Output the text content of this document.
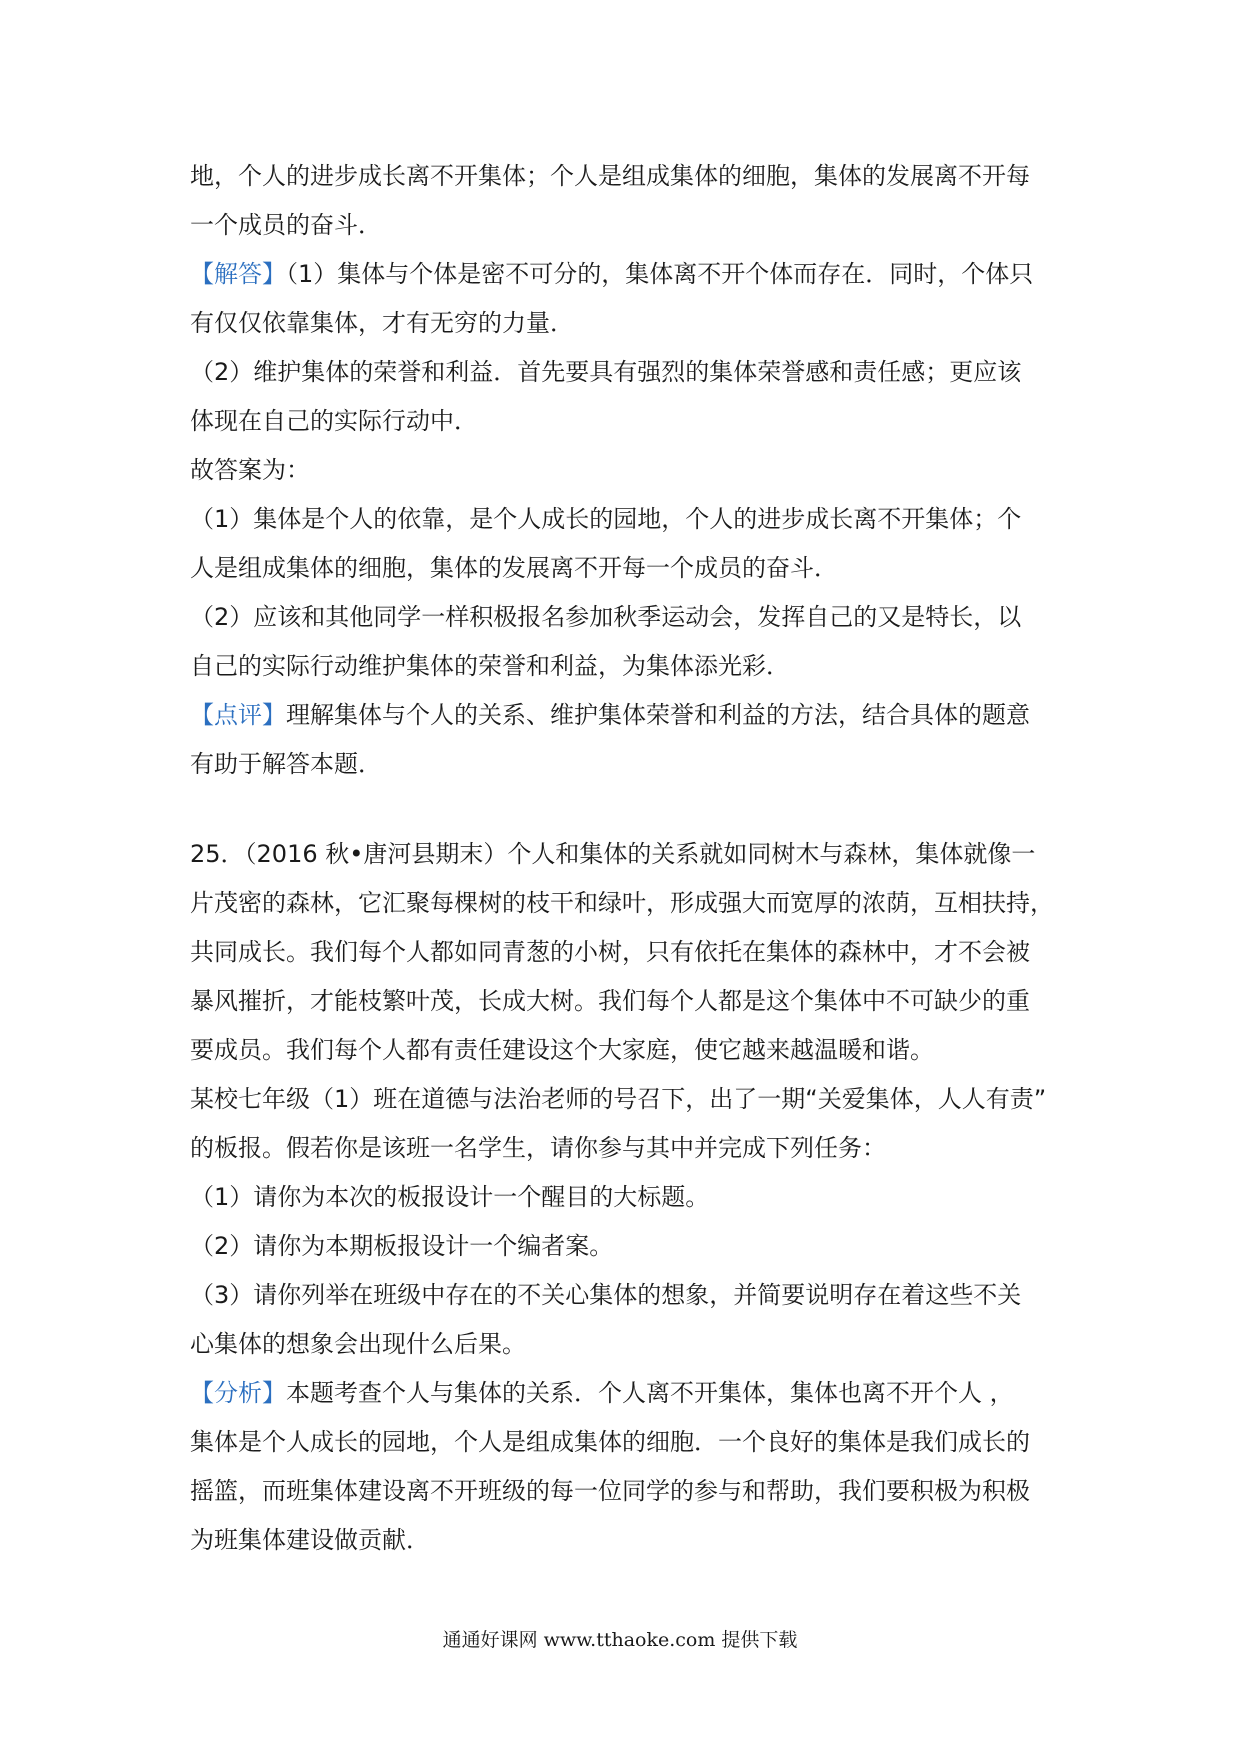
地，个人的进步成长离不开集体；个人是组成集体的细胞，集体的发展离不开每
一个成员的奋斗．
【解答】（1）集体与个体是密不可分的，集体离不开个体而存在．同时，个体只
有仅仅依靠集体，才有无穷的力量．
（2）维护集体的荣誉和利益．首先要具有强烈的集体荣誉感和责任感；更应该
体现在自己的实际行动中．
故答案为：
（1）集体是个人的依靠，是个人成长的园地，个人的进步成长离不开集体；个
人是组成集体的细胞，集体的发展离不开每一个成员的奋斗．
（2）应该和其他同学一样积极报名参加秋季运动会，发挥自己的又是特长，以
自己的实际行动维护集体的荣誉和利益，为集体添光彩．
【点评】理解集体与个人的关系、维护集体荣誉和利益的方法，结合具体的题意
有助于解答本题．
25．（2016 秋•唐河县期末）个人和集体的关系就如同树木与森林，集体就像一
片茂密的森林，它汇聚每棵树的枝干和绿叶，形成强大而宽厚的浓荫，互相扶持，
共同成长。我们每个人都如同青葱的小树，只有依托在集体的森林中，才不会被
暴风摧折，才能枝繁叶茂，长成大树。我们每个人都是这个集体中不可缺少的重
要成员。我们每个人都有责任建设这个大家庭，使它越来越温暖和谐。
某校七年级（1）班在道德与法治老师的号召下，出了一期“关爱集体，人人有责”
的板报。假若你是该班一名学生，请你参与其中并完成下列任务：
（1）请你为本次的板报设计一个醒目的大标题。
（2）请你为本期板报设计一个编者案。
（3）请你列举在班级中存在的不关心集体的想象，并简要说明存在着这些不关
心集体的想象会出现什么后果。
【分析】本题考查个人与集体的关系．个人离不开集体，集体也离不开个人 ，
集体是个人成长的园地，个人是组成集体的细胞．一个良好的集体是我们成长的
摇篮，而班集体建设离不开班级的每一位同学的参与和帮助，我们要积极为积极
为班集体建设做贡献．
通通好课网 www.tthaoke.com 提供下载
